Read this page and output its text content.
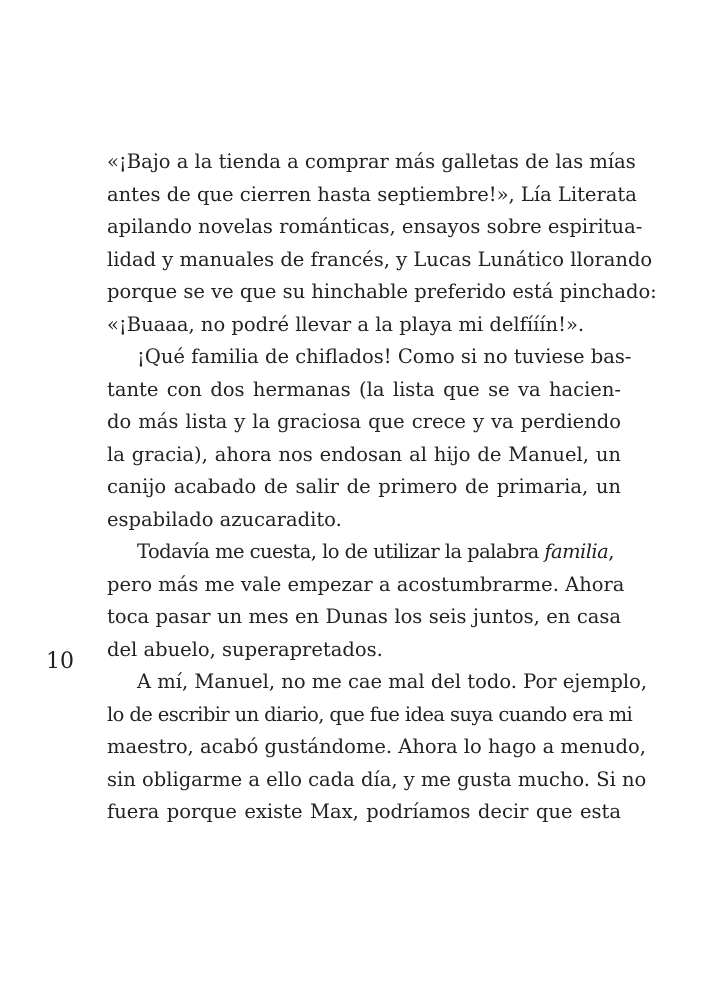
«¡Bajo a la tienda a comprar más galletas de las mías
antes de que cierren hasta septiembre!», Lía Literata
apilando novelas románticas, ensayos sobre espiritua-
lidad y manuales de francés, y Lucas Lunático llorando
porque se ve que su hinchable preferido está pinchado:
«¡Buaaa, no podré llevar a la playa mi delfííín!».
¡Qué familia de chiflados! Como si no tuviese bas-
tante con dos hermanas (la lista que se va hacien-
do más lista y la graciosa que crece y va perdiendo
la gracia), ahora nos endosan al hijo de Manuel, un
canijo acabado de salir de primero de primaria, un
espabilado azucaradito.
Todavía me cuesta, lo de utilizar la palabra familia,
pero más me vale empezar a acostumbrarme. Ahora
toca pasar un mes en Dunas los seis juntos, en casa
del abuelo, superapretados.
A mí, Manuel, no me cae mal del todo. Por ejemplo,
lo de escribir un diario, que fue idea suya cuando era mi
maestro, acabó gustándome. Ahora lo hago a menudo,
sin obligarme a ello cada día, y me gusta mucho. Si no
fuera porque existe Max, podríamos decir que esta
10
